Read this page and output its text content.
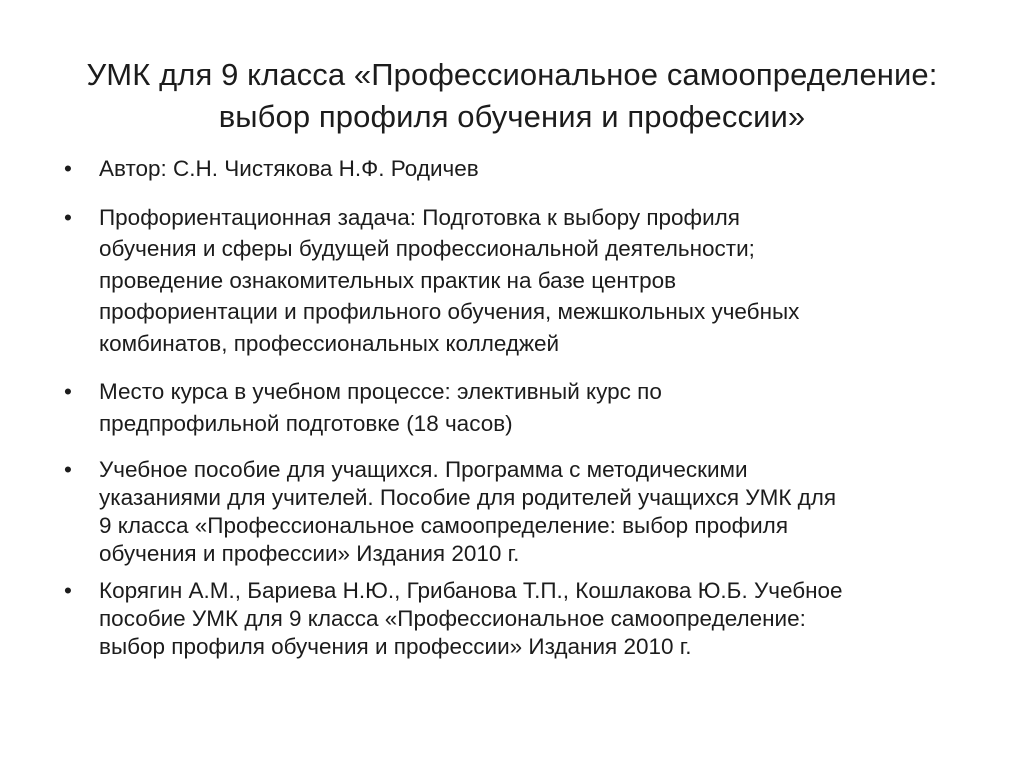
УМК для 9 класса «Профессиональное самоопределение:
выбор профиля обучения и профессии»
•	Автор: С.Н. Чистякова Н.Ф. Родичев
•	Профориентационная задача: Подготовка к выбору профиля
обучения и сферы будущей профессиональной деятельности;
проведение ознакомительных практик на базе центров
профориентации и профильного обучения, межшкольных учебных
комбинатов, профессиональных колледжей
•	Место курса в учебном процессе: элективный курс по
предпрофильной подготовке (18 часов)
•	Учебное пособие для учащихся. Программа с методическими
указаниями для учителей. Пособие для родителей учащихся УМК для
9 класса «Профессиональное самоопределение: выбор профиля
обучения и профессии» Издания 2010 г.
•	Корягин А.М., Бариева Н.Ю., Грибанова Т.П., Кошлакова Ю.Б. Учебное
пособие УМК для 9 класса «Профессиональное самоопределение:
выбор профиля обучения и профессии» Издания 2010 г.
